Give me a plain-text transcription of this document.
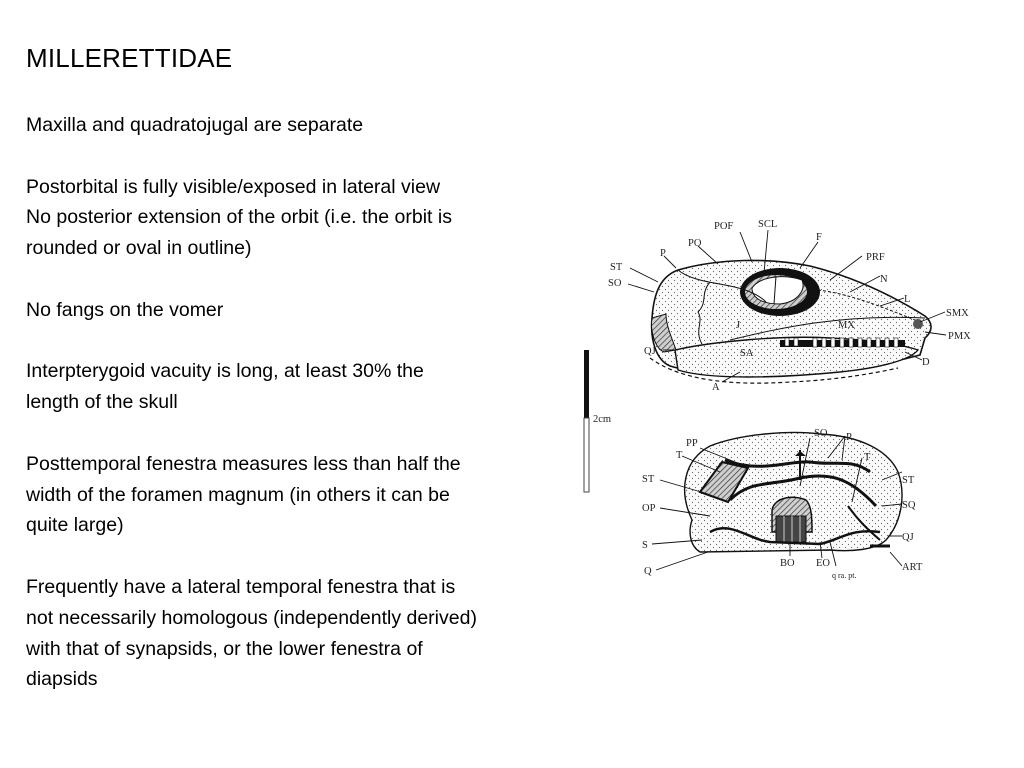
MILLERETTIDAE

Maxilla and quadratojugal are separate

Postorbital is fully visible/exposed in lateral view

No posterior extension of the orbit (i.e. the orbit is
rounded or oval in outline)

No fangs on the vomer

Interpterygoid vacuity is long, at least 30% the
length of the skull

Posttemporal fenestra measures less than half the
width of the foramen magnum (in others it can be
quite large)

Frequently have a lateral temporal fenestra that is
not necessarily homologous (independently derived)
with that of synapsids, or the lower fenestra of
diapsids

2cm
POF SCL
F
PRF
N
L
SMX
PMX
D
A
SA
MX
J
QJ
SO
ST
P
PO
PP
T
ST
OP
S
Q
SO P
T
ST
SQ
QJ
ART
BO EO
q ra. pt.
